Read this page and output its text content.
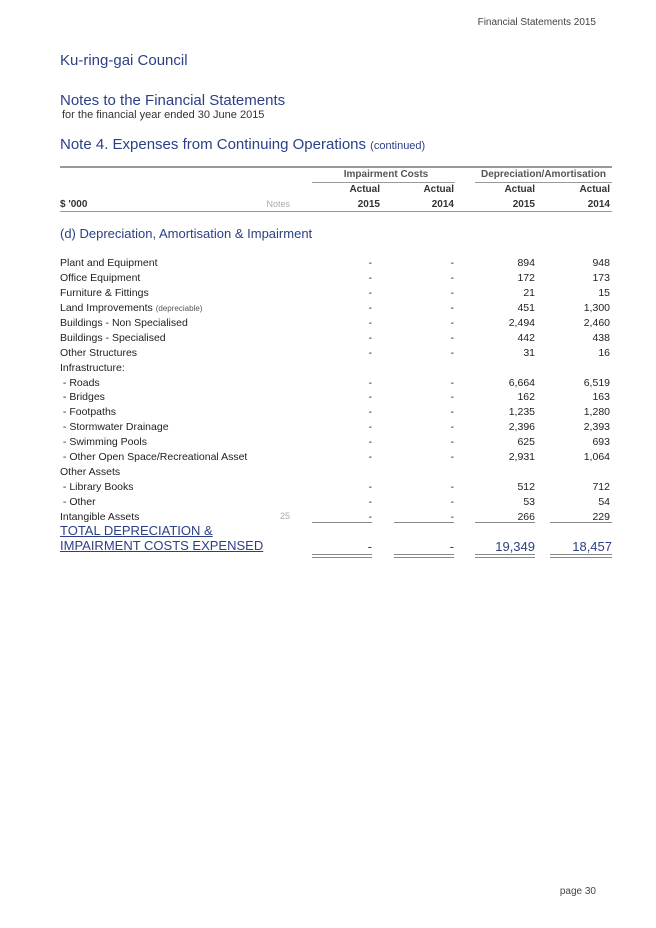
Financial Statements 2015
Ku-ring-gai Council
Notes to the Financial Statements
for the financial year ended 30 June 2015
Note 4. Expenses from Continuing Operations (continued)
Impairment Costs	Depreciation/Amortisation
Actual	Actual	Actual	Actual
$ '000	Notes	2015	2014	2015	2014
(d) Depreciation, Amortisation & Impairment
Plant and Equipment	-	-	894	948
Office Equipment	-	-	172	173
Furniture & Fittings	-	-	21	15
Land Improvements (depreciable)	-	-	451	1,300
Buildings - Non Specialised	-	-	2,494	2,460
Buildings - Specialised	-	-	442	438
Other Structures	-	-	31	16
Infrastructure:
- Roads	-	-	6,664	6,519
- Bridges	-	-	162	163
- Footpaths	-	-	1,235	1,280
- Stormwater Drainage	-	-	2,396	2,393
- Swimming Pools	-	-	625	693
- Other Open Space/Recreational Asset	-	-	2,931	1,064
Other Assets
- Library Books	-	-	512	712
- Other	-	-	53	54
Intangible Assets	25	-	-	266	229
TOTAL DEPRECIATION &
IMPAIRMENT COSTS EXPENSED	-	-	19,349	18,457
page 30
